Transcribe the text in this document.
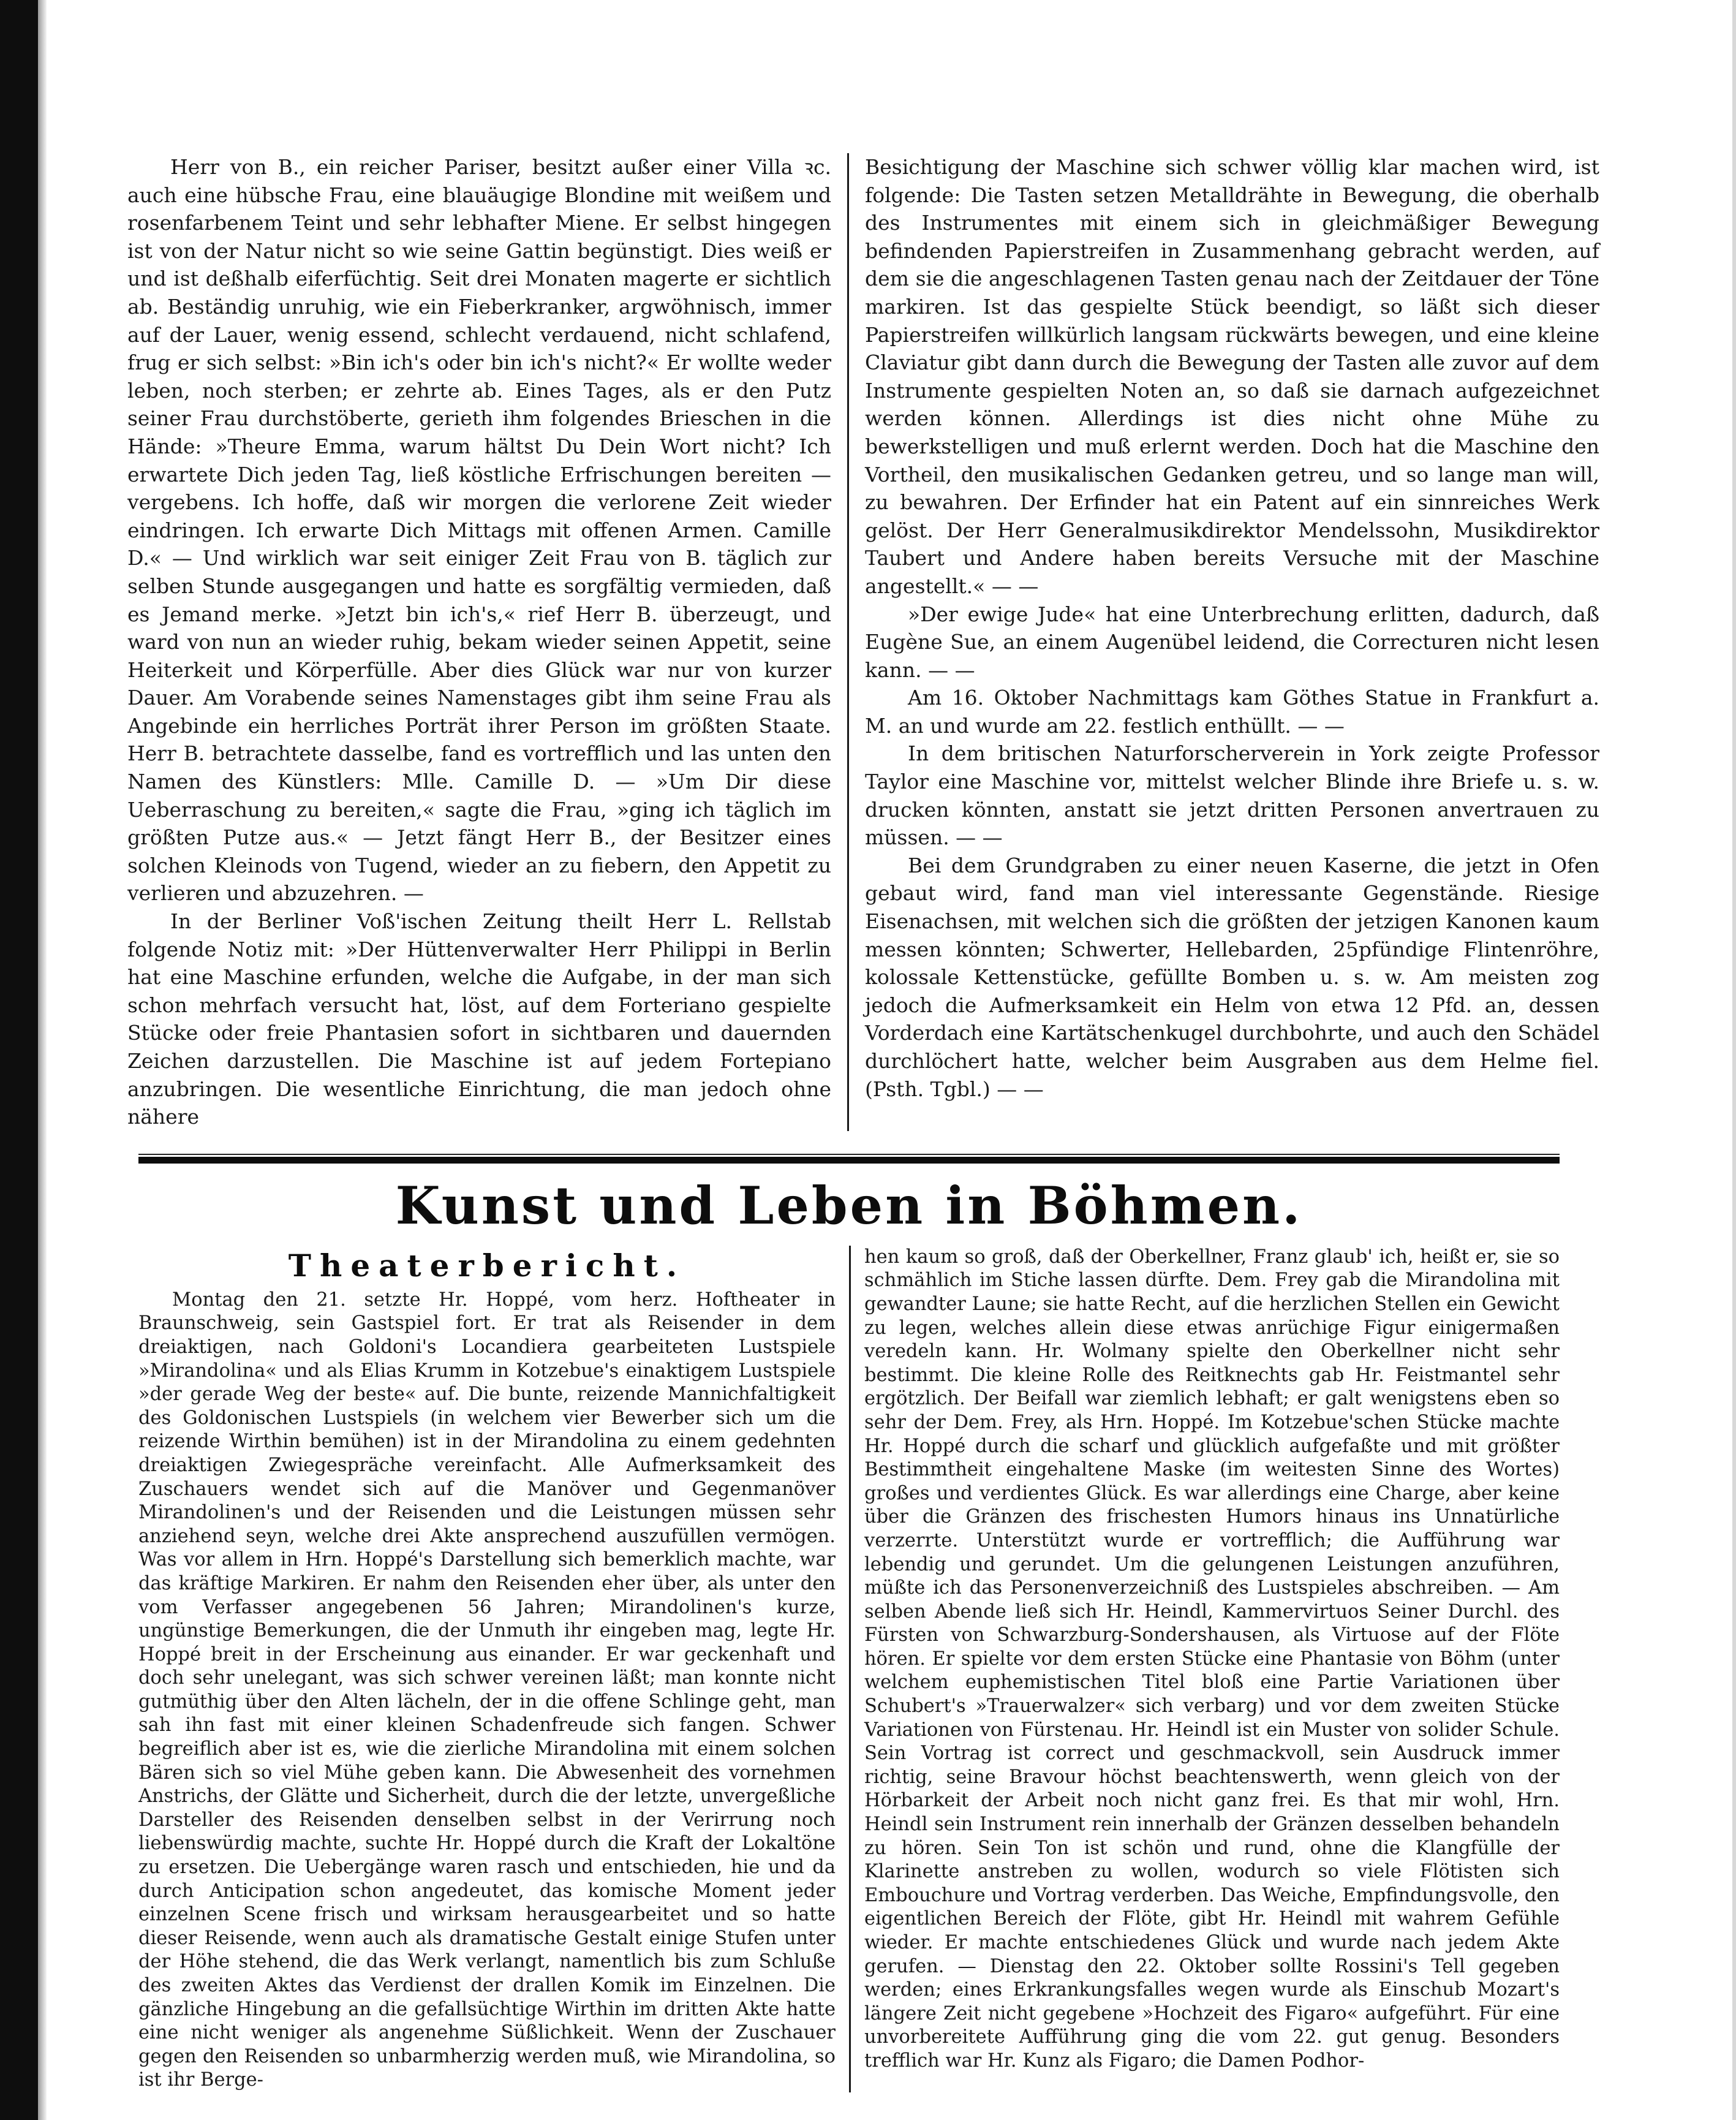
Herr von B., ein reicher Pariser, besitzt außer einer Villa ꝛc. auch eine hübsche Frau, eine blauäugige Blondine mit weißem und rosenfarbenem Teint und sehr lebhafter Miene. Er selbst hingegen ist von der Natur nicht so wie seine Gattin begünstigt. Dies weiß er und ist deßhalb eiferfüchtig. Seit drei Monaten magerte er sichtlich ab. Beständig unruhig, wie ein Fieberkranker, argwöhnisch, immer auf der Lauer, wenig essend, schlecht verdauend, nicht schlafend, frug er sich selbst: »Bin ich's oder bin ich's nicht?« Er wollte weder leben, noch sterben; er zehrte ab. Eines Tages, als er den Putz seiner Frau durchstöberte, gerieth ihm folgendes Brieschen in die Hände: »Theure Emma, warum hältst Du Dein Wort nicht? Ich erwartete Dich jeden Tag, ließ köstliche Erfrischungen bereiten — vergebens. Ich hoffe, daß wir morgen die verlorene Zeit wieder eindringen. Ich erwarte Dich Mittags mit offenen Armen. Camille D.« — Und wirklich war seit einiger Zeit Frau von B. täglich zur selben Stunde ausgegangen und hatte es sorgfältig vermieden, daß es Jemand merke. »Jetzt bin ich's,« rief Herr B. überzeugt, und ward von nun an wieder ruhig, bekam wieder seinen Appetit, seine Heiterkeit und Körperfülle. Aber dies Glück war nur von kurzer Dauer. Am Vorabende seines Namenstages gibt ihm seine Frau als Angebinde ein herrliches Porträt ihrer Person im größten Staate. Herr B. betrachtete dasselbe, fand es vortrefflich und las unten den Namen des Künstlers: Mlle. Camille D. — »Um Dir diese Ueberraschung zu bereiten,« sagte die Frau, »ging ich täglich im größten Putze aus.« — Jetzt fängt Herr B., der Besitzer eines solchen Kleinods von Tugend, wieder an zu fiebern, den Appetit zu verlieren und abzuzehren. —

In der Berliner Voß'ischen Zeitung theilt Herr L. Rellstab folgende Notiz mit: »Der Hüttenverwalter Herr Philippi in Berlin hat eine Maschine erfunden, welche die Aufgabe, in der man sich schon mehrfach versucht hat, löst, auf dem Forteriano gespielte Stücke oder freie Phantasien sofort in sichtbaren und dauernden Zeichen darzustellen. Die Maschine ist auf jedem Fortepiano anzubringen. Die wesentliche Einrichtung, die man jedoch ohne nähere

Besichtigung der Maschine sich schwer völlig klar machen wird, ist folgende: Die Tasten setzen Metalldrähte in Bewegung, die oberhalb des Instrumentes mit einem sich in gleichmäßiger Bewegung befindenden Papierstreifen in Zusammenhang gebracht werden, auf dem sie die angeschlagenen Tasten genau nach der Zeitdauer der Töne markiren. Ist das gespielte Stück beendigt, so läßt sich dieser Papierstreifen willkürlich langsam rückwärts bewegen, und eine kleine Claviatur gibt dann durch die Bewegung der Tasten alle zuvor auf dem Instrumente gespielten Noten an, so daß sie darnach aufgezeichnet werden können. Allerdings ist dies nicht ohne Mühe zu bewerkstelligen und muß erlernt werden. Doch hat die Maschine den Vortheil, den musikalischen Gedanken getreu, und so lange man will, zu bewahren. Der Erfinder hat ein Patent auf ein sinnreiches Werk gelöst. Der Herr Generalmusikdirektor Mendelssohn, Musikdirektor Taubert und Andere haben bereits Versuche mit der Maschine angestellt.« — —

»Der ewige Jude« hat eine Unterbrechung erlitten, dadurch, daß Eugène Sue, an einem Augenübel leidend, die Correcturen nicht lesen kann. — —

Am 16. Oktober Nachmittags kam Göthes Statue in Frankfurt a. M. an und wurde am 22. festlich enthüllt. — —

In dem britischen Naturforscherverein in York zeigte Professor Taylor eine Maschine vor, mittelst welcher Blinde ihre Briefe u. s. w. drucken könnten, anstatt sie jetzt dritten Personen anvertrauen zu müssen. — —

Bei dem Grundgraben zu einer neuen Kaserne, die jetzt in Ofen gebaut wird, fand man viel interessante Gegenstände. Riesige Eisenachsen, mit welchen sich die größten der jetzigen Kanonen kaum messen könnten; Schwerter, Hellebarden, 25pfündige Flintenröhre, kolossale Kettenstücke, gefüllte Bomben u. s. w. Am meisten zog jedoch die Aufmerksamkeit ein Helm von etwa 12 Pfd. an, dessen Vorderdach eine Kartätschenkugel durchbohrte, und auch den Schädel durchlöchert hatte, welcher beim Ausgraben aus dem Helme fiel. (Psth. Tgbl.) — —

Kunst und Leben in Böhmen.
Theaterbericht.

Montag den 21. setzte Hr. Hoppé, vom herz. Hoftheater in Braunschweig, sein Gastspiel fort. Er trat als Reisender in dem dreiaktigen, nach Goldoni's Locandiera gearbeiteten Lustspiele »Mirandolina« und als Elias Krumm in Kotzebue's einaktigem Lustspiele »der gerade Weg der beste« auf. Die bunte, reizende Mannichfaltigkeit des Goldonischen Lustspiels (in welchem vier Bewerber sich um die reizende Wirthin bemühen) ist in der Mirandolina zu einem gedehnten dreiaktigen Zwiegespräche vereinfacht. Alle Aufmerksamkeit des Zuschauers wendet sich auf die Manöver und Gegenmanöver Mirandolinen's und der Reisenden und die Leistungen müssen sehr anziehend seyn, welche drei Akte ansprechend auszufüllen vermögen. Was vor allem in Hrn. Hoppé's Darstellung sich bemerklich machte, war das kräftige Markiren. Er nahm den Reisenden eher über, als unter den vom Verfasser angegebenen 56 Jahren; Mirandolinen's kurze, ungünstige Bemerkungen, die der Unmuth ihr eingeben mag, legte Hr. Hoppé breit in der Erscheinung aus einander. Er war geckenhaft und doch sehr unelegant, was sich schwer vereinen läßt; man konnte nicht gutmüthig über den Alten lächeln, der in die offene Schlinge geht, man sah ihn fast mit einer kleinen Schadenfreude sich fangen. Schwer begreiflich aber ist es, wie die zierliche Mirandolina mit einem solchen Bären sich so viel Mühe geben kann. Die Abwesenheit des vornehmen Anstrichs, der Glätte und Sicherheit, durch die der letzte, unvergeßliche Darsteller des Reisenden denselben selbst in der Verirrung noch liebenswürdig machte, suchte Hr. Hoppé durch die Kraft der Lokaltöne zu ersetzen. Die Uebergänge waren rasch und entschieden, hie und da durch Anticipation schon angedeutet, das komische Moment jeder einzelnen Scene frisch und wirksam herausgearbeitet und so hatte dieser Reisende, wenn auch als dramatische Gestalt einige Stufen unter der Höhe stehend, die das Werk verlangt, namentlich bis zum Schluße des zweiten Aktes das Verdienst der drallen Komik im Einzelnen. Die gänzliche Hingebung an die gefallsüchtige Wirthin im dritten Akte hatte eine nicht weniger als angenehme Süßlichkeit. Wenn der Zuschauer gegen den Reisenden so unbarmherzig werden muß, wie Mirandolina, so ist ihr Berge-

hen kaum so groß, daß der Oberkellner, Franz glaub' ich, heißt er, sie so schmählich im Stiche lassen dürfte. Dem. Frey gab die Mirandolina mit gewandter Laune; sie hatte Recht, auf die herzlichen Stellen ein Gewicht zu legen, welches allein diese etwas anrüchige Figur einigermaßen veredeln kann. Hr. Wolmany spielte den Oberkellner nicht sehr bestimmt. Die kleine Rolle des Reitknechts gab Hr. Feistmantel sehr ergötzlich. Der Beifall war ziemlich lebhaft; er galt wenigstens eben so sehr der Dem. Frey, als Hrn. Hoppé. Im Kotzebue'schen Stücke machte Hr. Hoppé durch die scharf und glücklich aufgefaßte und mit größter Bestimmtheit eingehaltene Maske (im weitesten Sinne des Wortes) großes und verdientes Glück. Es war allerdings eine Charge, aber keine über die Gränzen des frischesten Humors hinaus ins Unnatürliche verzerrte. Unterstützt wurde er vortrefflich; die Aufführung war lebendig und gerundet. Um die gelungenen Leistungen anzuführen, müßte ich das Personenverzeichniß des Lustspieles abschreiben. — Am selben Abende ließ sich Hr. Heindl, Kammervirtuos Seiner Durchl. des Fürsten von Schwarzburg-Sondershausen, als Virtuose auf der Flöte hören. Er spielte vor dem ersten Stücke eine Phantasie von Böhm (unter welchem euphemistischen Titel bloß eine Partie Variationen über Schubert's »Trauerwalzer« sich verbarg) und vor dem zweiten Stücke Variationen von Fürstenau. Hr. Heindl ist ein Muster von solider Schule. Sein Vortrag ist correct und geschmackvoll, sein Ausdruck immer richtig, seine Bravour höchst beachtenswerth, wenn gleich von der Hörbarkeit der Arbeit noch nicht ganz frei. Es that mir wohl, Hrn. Heindl sein Instrument rein innerhalb der Gränzen desselben behandeln zu hören. Sein Ton ist schön und rund, ohne die Klangfülle der Klarinette anstreben zu wollen, wodurch so viele Flötisten sich Embouchure und Vortrag verderben. Das Weiche, Empfindungsvolle, den eigentlichen Bereich der Flöte, gibt Hr. Heindl mit wahrem Gefühle wieder. Er machte entschiedenes Glück und wurde nach jedem Akte gerufen. — Dienstag den 22. Oktober sollte Rossini's Tell gegeben werden; eines Erkrankungsfalles wegen wurde als Einschub Mozart's längere Zeit nicht gegebene »Hochzeit des Figaro« aufgeführt. Für eine unvorbereitete Aufführung ging die vom 22. gut genug. Besonders trefflich war Hr. Kunz als Figaro; die Damen Podhor-
